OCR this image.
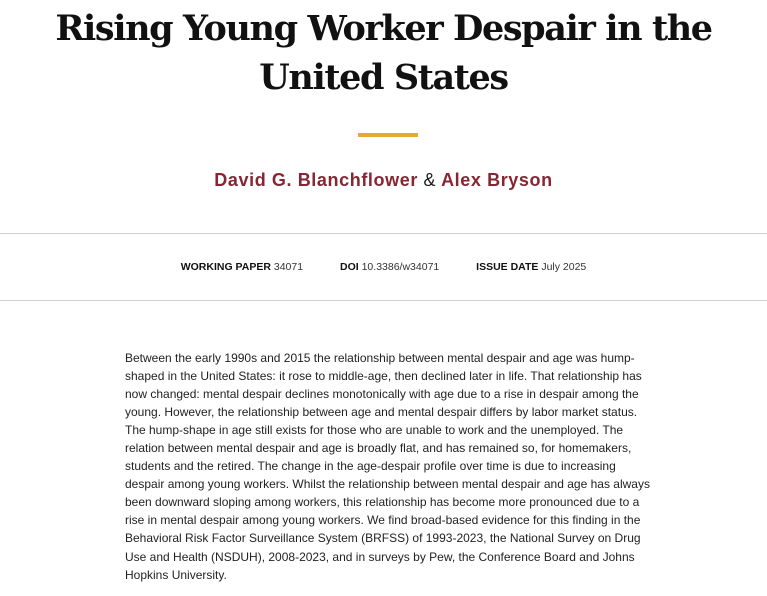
Rising Young Worker Despair in the United States
David G. Blanchflower & Alex Bryson
WORKING PAPER 34071	DOI 10.3386/w34071	ISSUE DATE July 2025

Between the early 1990s and 2015 the relationship between mental despair and age was hump-shaped in the United States: it rose to middle-age, then declined later in life. That relationship has now changed: mental despair declines monotonically with age due to a rise in despair among the young. However, the relationship between age and mental despair differs by labor market status. The hump-shape in age still exists for those who are unable to work and the unemployed. The relation between mental despair and age is broadly flat, and has remained so, for homemakers, students and the retired. The change in the age-despair profile over time is due to increasing despair among young workers. Whilst the relationship between mental despair and age has always been downward sloping among workers, this relationship has become more pronounced due to a rise in mental despair among young workers. We find broad-based evidence for this finding in the Behavioral Risk Factor Surveillance System (BRFSS) of 1993-2023, the National Survey on Drug Use and Health (NSDUH), 2008-2023, and in surveys by Pew, the Conference Board and Johns Hopkins University.
